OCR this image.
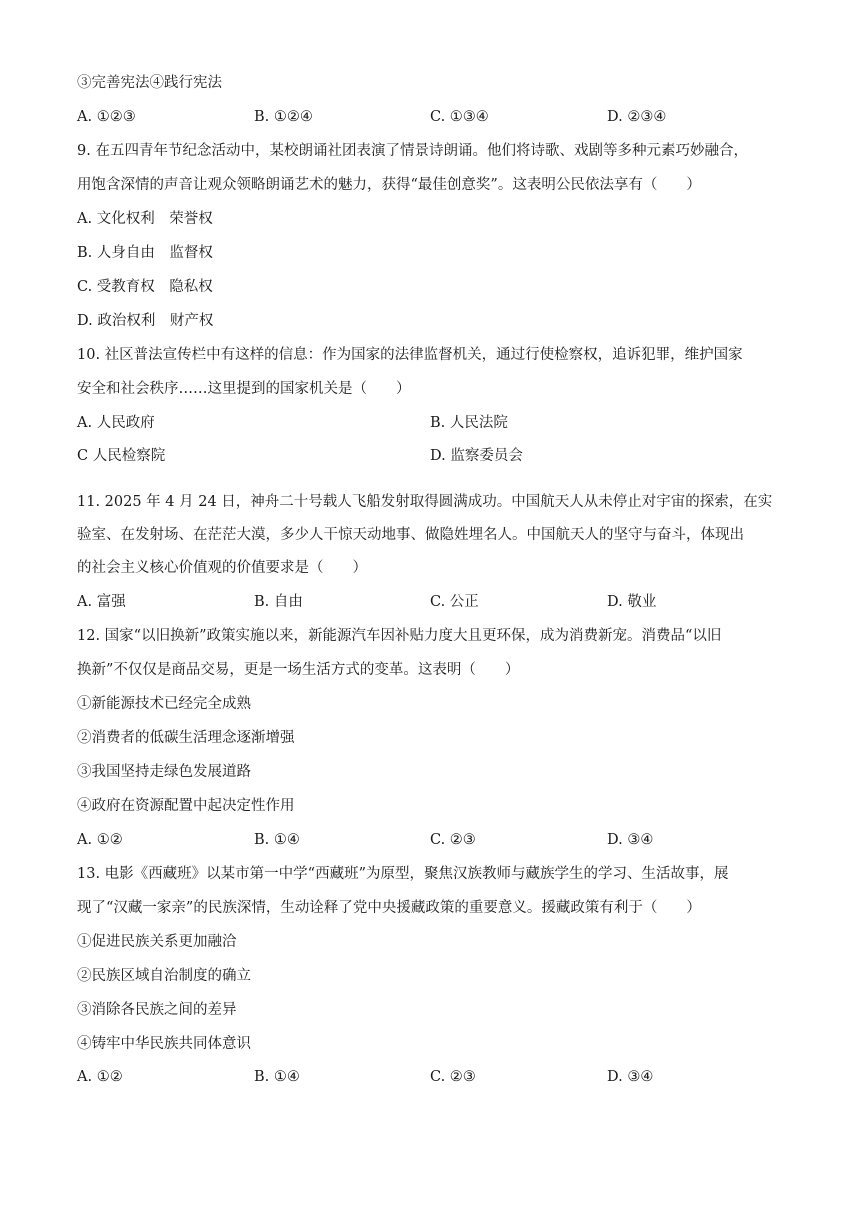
③完善宪法④践行宪法
A. ①②③	B. ①②④	C. ①③④	D. ②③④
9. 在五四青年节纪念活动中，某校朗诵社团表演了情景诗朗诵。他们将诗歌、戏剧等多种元素巧妙融合，
用饱含深情的声音让观众领略朗诵艺术的魅力，获得“最佳创意奖”。这表明公民依法享有（　　）
A. 文化权利　荣誉权
B. 人身自由　监督权
C. 受教育权　隐私权
D. 政治权利　财产权
10. 社区普法宣传栏中有这样的信息：作为国家的法律监督机关，通过行使检察权，追诉犯罪，维护国家
安全和社会秩序……这里提到的国家机关是（　　）
A. 人民政府	B. 人民法院
C 人民检察院	D. 监察委员会
11. 2025 年 4 月 24 日，神舟二十号载人飞船发射取得圆满成功。中国航天人从未停止对宇宙的探索，在实
验室、在发射场、在茫茫大漠，多少人干惊天动地事、做隐姓埋名人。中国航天人的坚守与奋斗，体现出
的社会主义核心价值观的价值要求是（　　）
A. 富强	B. 自由	C. 公正	D. 敬业
12. 国家“以旧换新”政策实施以来，新能源汽车因补贴力度大且更环保，成为消费新宠。消费品“以旧
换新”不仅仅是商品交易，更是一场生活方式的变革。这表明（　　）
①新能源技术已经完全成熟
②消费者的低碳生活理念逐渐增强
③我国坚持走绿色发展道路
④政府在资源配置中起决定性作用
A. ①②	B. ①④	C. ②③	D. ③④
13. 电影《西藏班》以某市第一中学“西藏班”为原型，聚焦汉族教师与藏族学生的学习、生活故事，展
现了“汉藏一家亲”的民族深情，生动诠释了党中央援藏政策的重要意义。援藏政策有利于（　　）
①促进民族关系更加融洽
②民族区域自治制度的确立
③消除各民族之间的差异
④铸牢中华民族共同体意识
A. ①②	B. ①④	C. ②③	D. ③④
